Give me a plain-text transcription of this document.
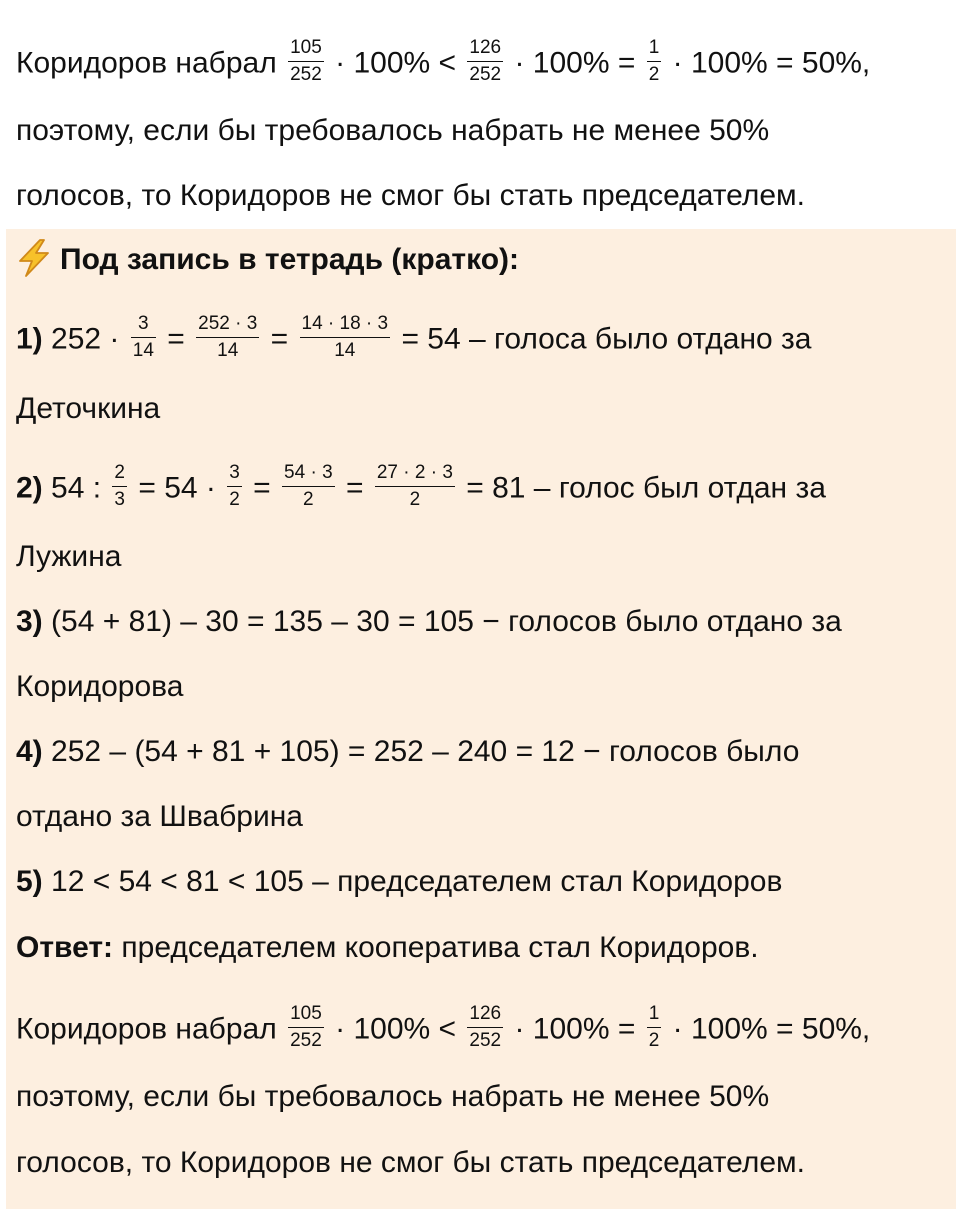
Коридоров набрал $\frac{105}{252} \cdot 100\% < \frac{126}{252} \cdot 100\% = \frac{1}{2} \cdot 100\% = 50\%$,
поэтому, если бы требовалось набрать не менее 50%
голосов, то Коридоров не смог бы стать председателем.
Под запись в тетрадь (кратко):
1) $252 \cdot \frac{3}{14} = \frac{252 \cdot 3}{14} = \frac{14 \cdot 18 \cdot 3}{14} = 54$ – голоса было отдано за
Деточкина
2) 54 : $\frac{2}{3} = 54 \cdot \frac{3}{2} = \frac{54 \cdot 3}{2} = \frac{27 \cdot 2 \cdot 3}{2} = 81$ – голос был отдан за
Лужина
3) (54 + 81) – 30 = 135 – 30 = 105 − голосов было отдано за
Коридорова
4) 252 – (54 + 81 + 105) = 252 – 240 = 12 − голосов было
отдано за Швабрина
5) 12 < 54 < 81 < 105 – председателем стал Коридоров
Ответ: председателем кооператива стал Коридоров.
Коридоров набрал $\frac{105}{252} \cdot 100\% < \frac{126}{252} \cdot 100\% = \frac{1}{2} \cdot 100\% = 50\%$,
поэтому, если бы требовалось набрать не менее 50%
голосов, то Коридоров не смог бы стать председателем.
